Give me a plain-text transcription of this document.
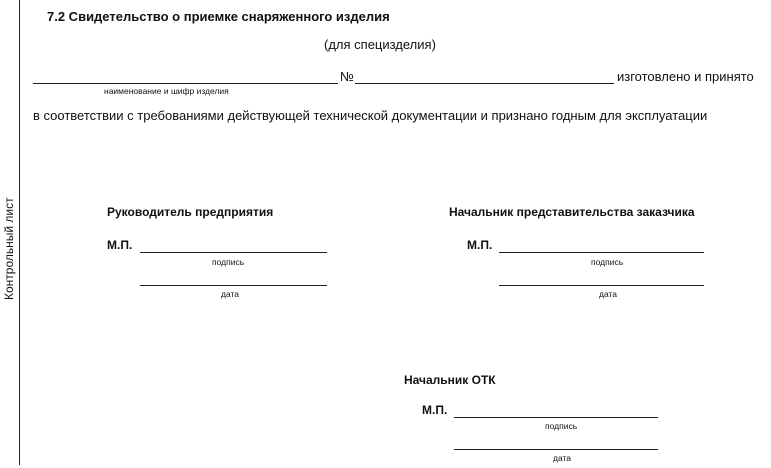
Контрольный лист
7.2 Свидетельство о приемке снаряженного изделия
(для специзделия)
№	изготовлено и принято
наименование и шифр изделия
в соответствии с требованиями действующей технической документации и признано годным для эксплуатации
Руководитель предприятия
М.П.
подпись
дата
Начальник представительства заказчика
М.П.
подпись
дата
Начальник ОТК
М.П.
подпись
дата
